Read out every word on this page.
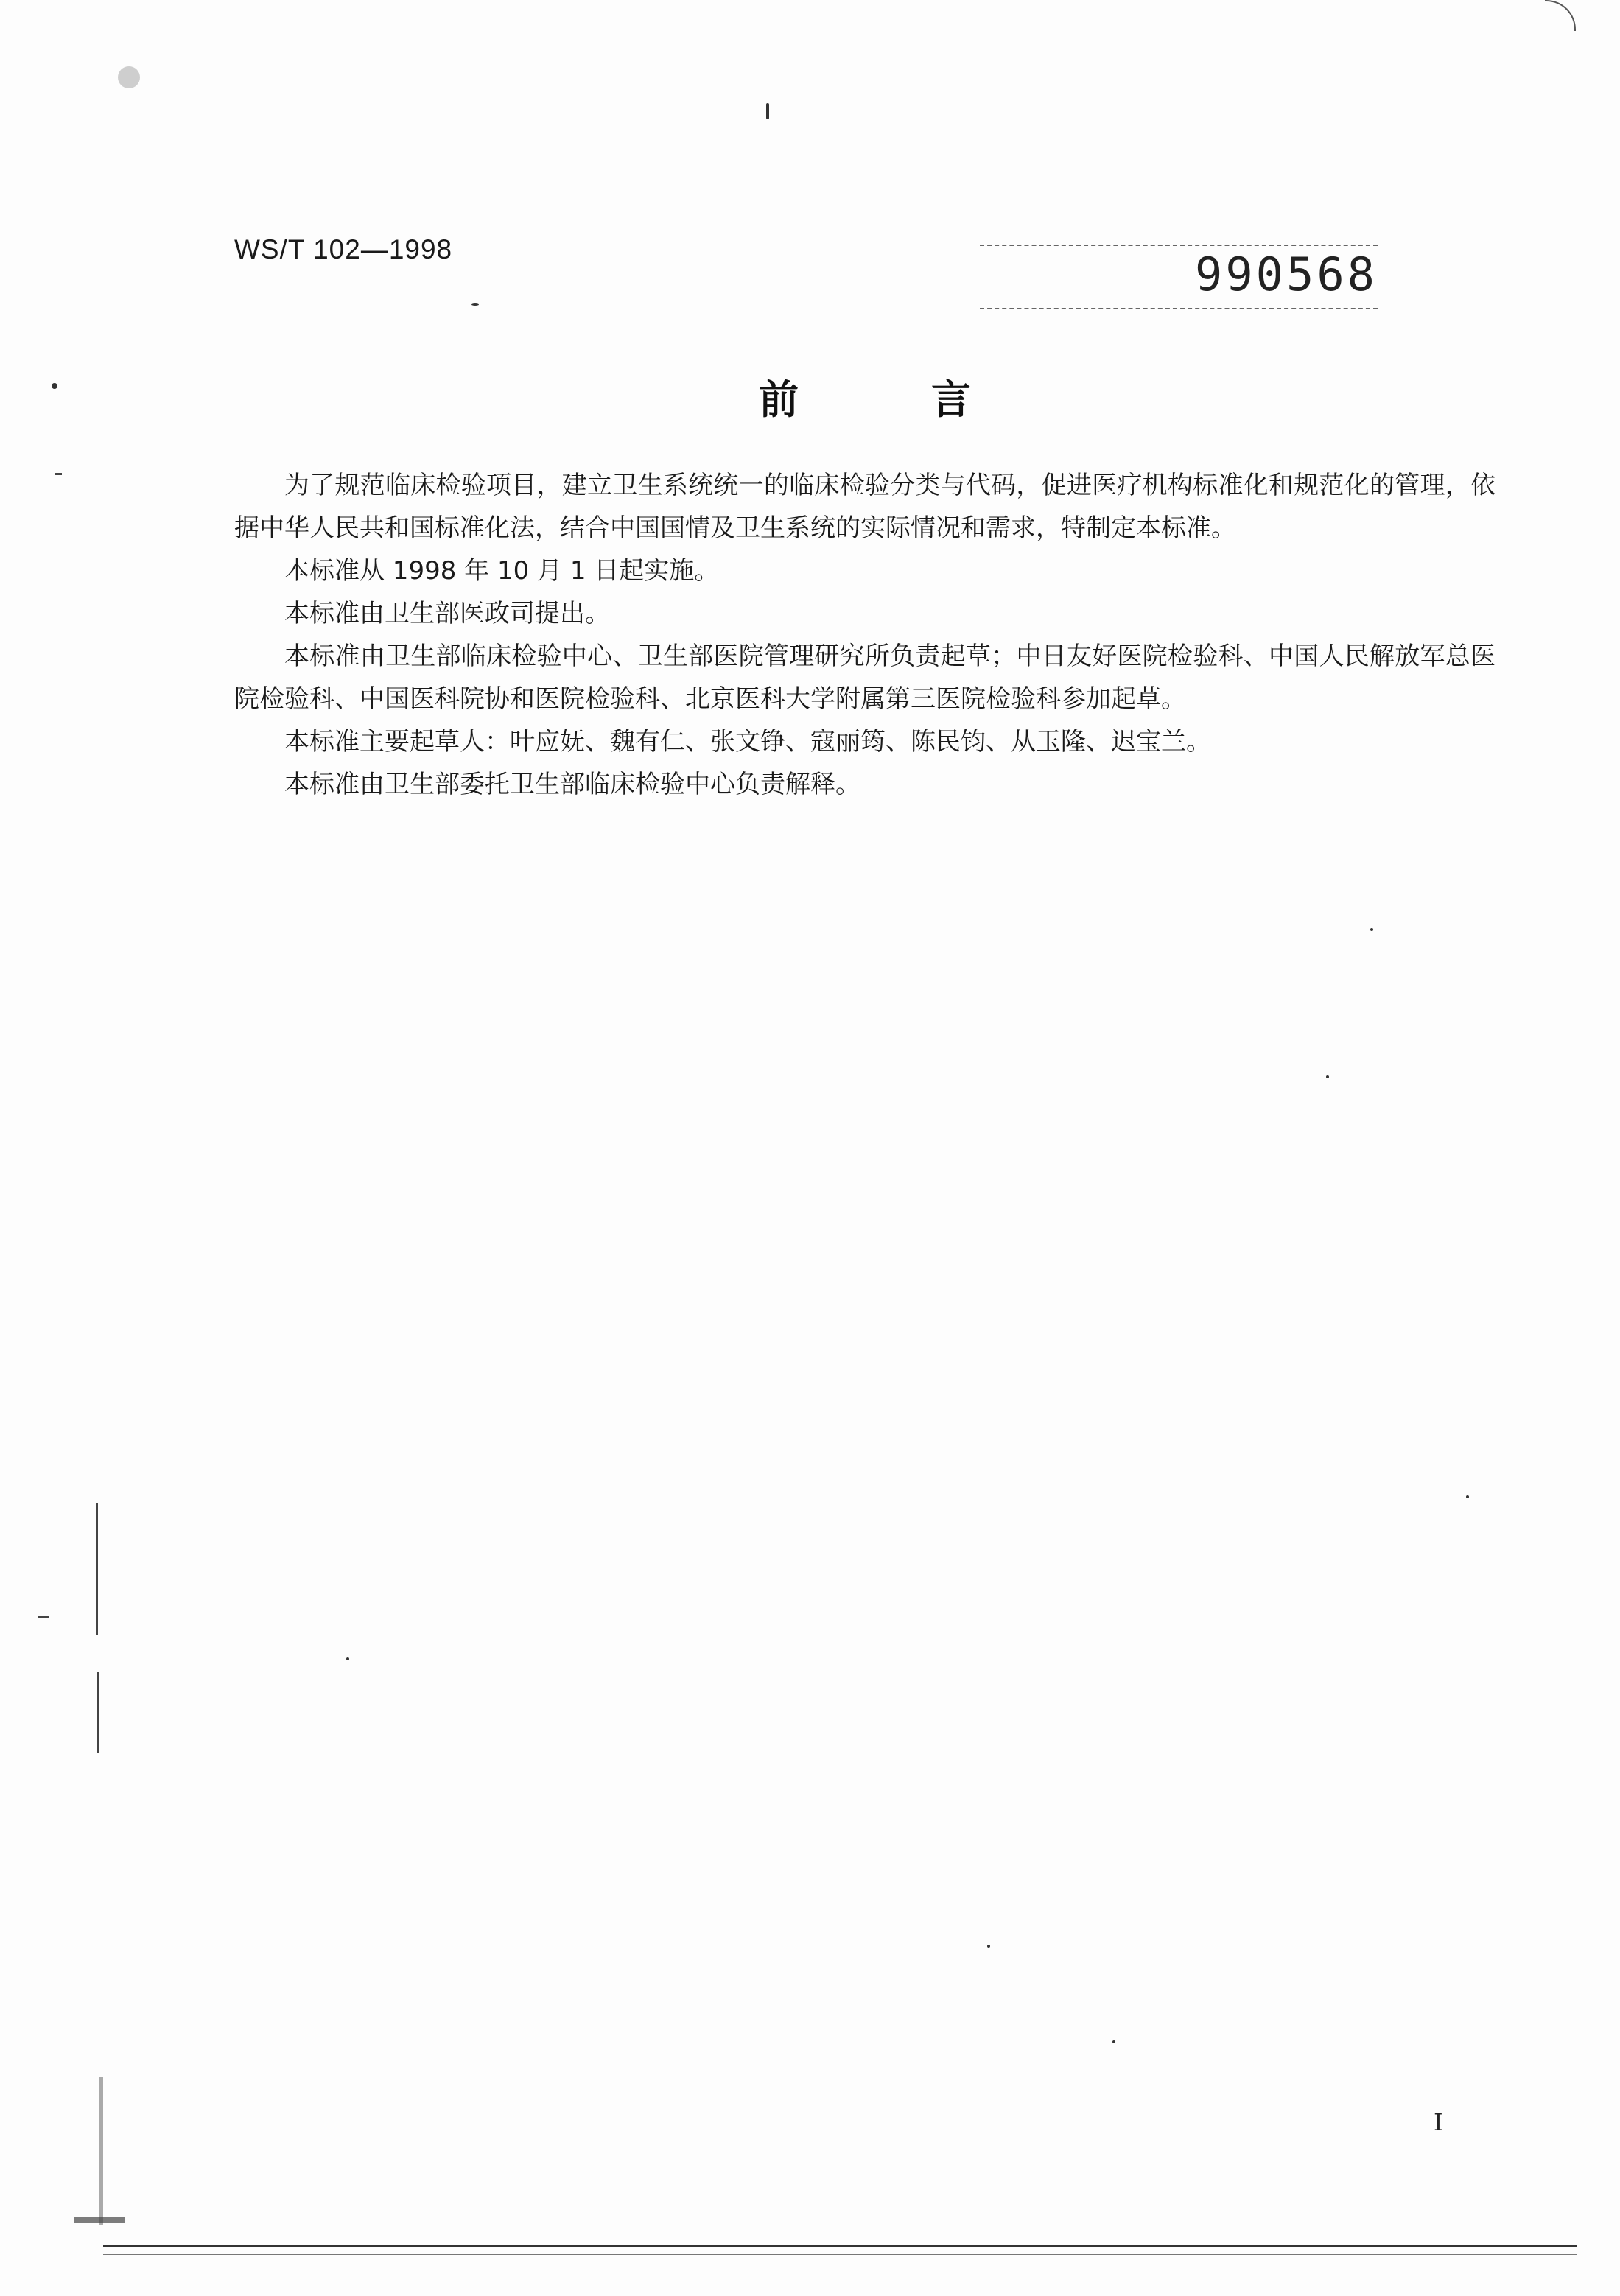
WS/T 102—1998	990568
前言

为了规范临床检验项目，建立卫生系统统一的临床检验分类与代码，促进医疗机构标准化和规范化的管理，依据中华人民共和国标准化法，结合中国国情及卫生系统的实际情况和需求，特制定本标准。

本标准从 1998 年 10 月 1 日起实施。

本标准由卫生部医政司提出。

本标准由卫生部临床检验中心、卫生部医院管理研究所负责起草；中日友好医院检验科、中国人民解放军总医院检验科、中国医科院协和医院检验科、北京医科大学附属第三医院检验科参加起草。

本标准主要起草人：叶应妩、魏有仁、张文铮、寇丽筠、陈民钧、从玉隆、迟宝兰。

本标准由卫生部委托卫生部临床检验中心负责解释。

I
